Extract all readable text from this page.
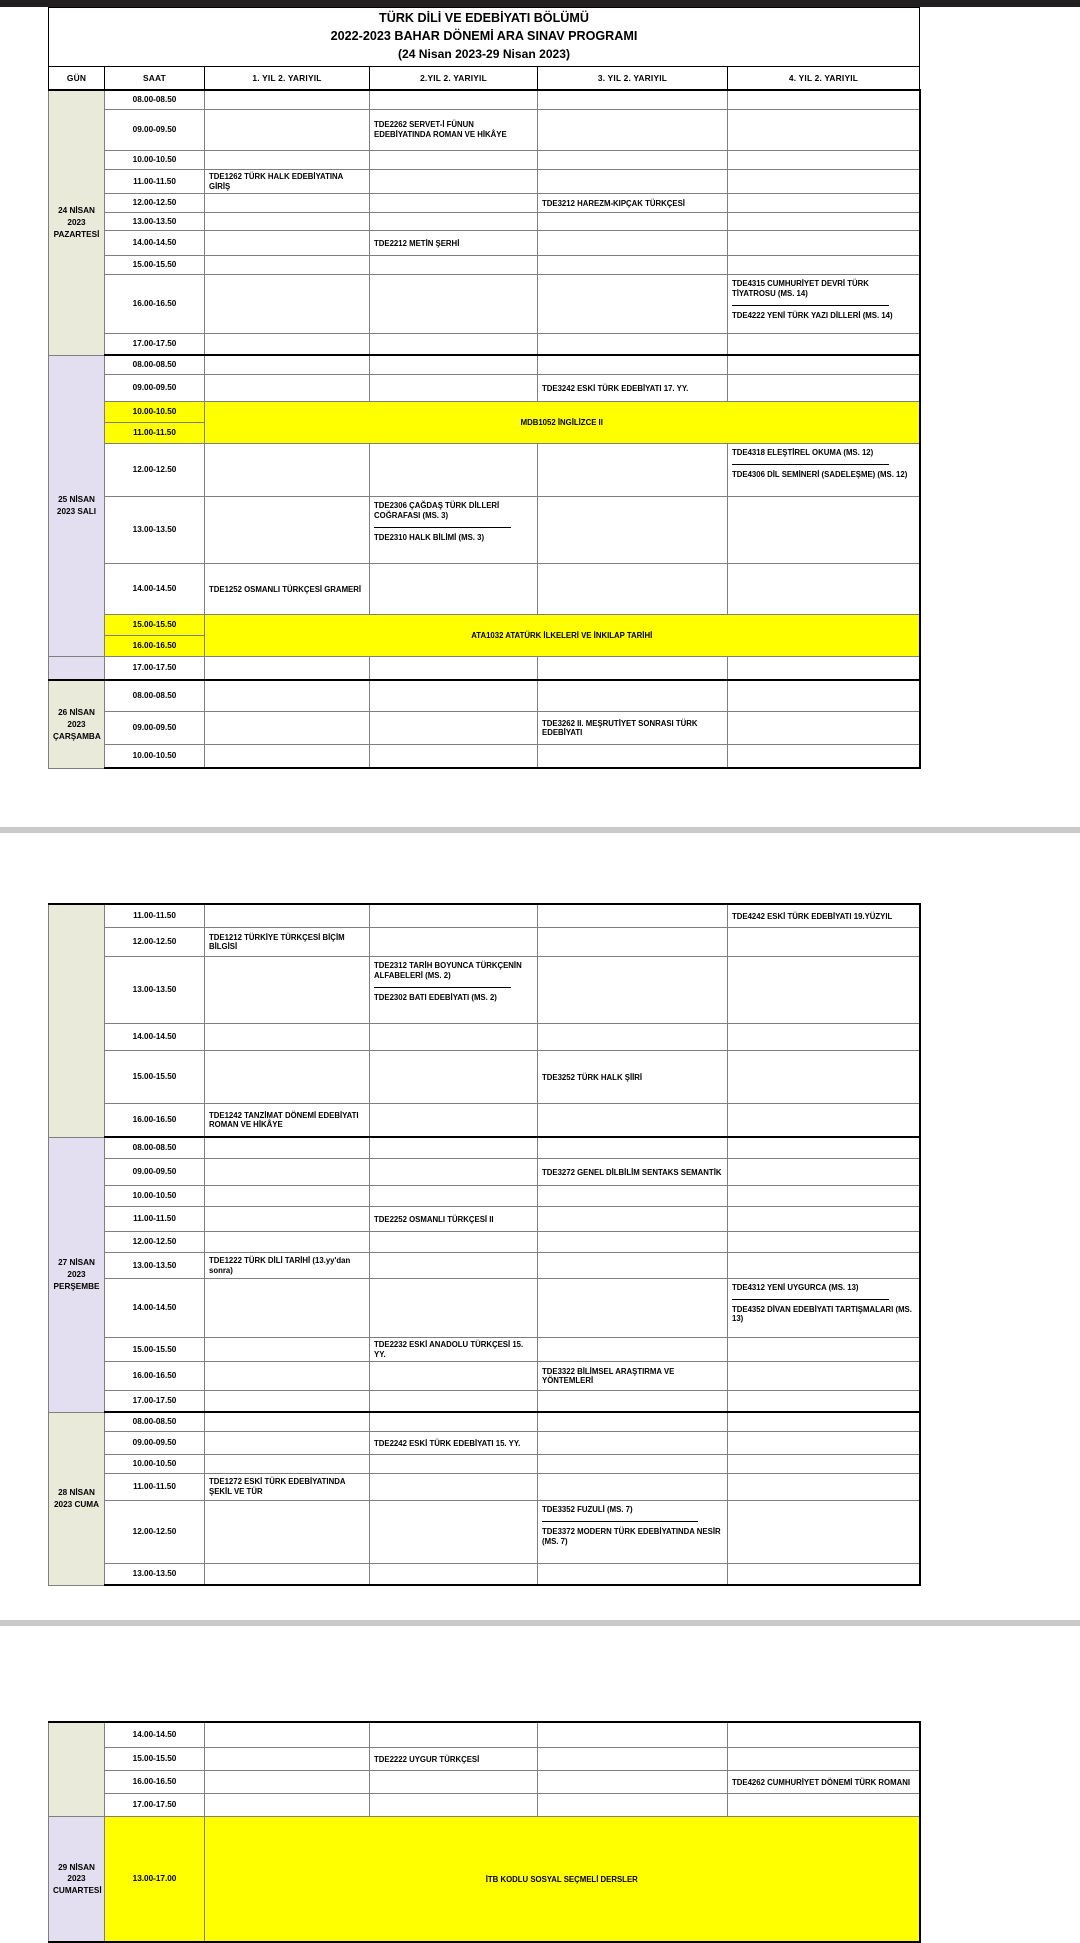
TÜRK DİLİ VE EDEBİYATI BÖLÜMÜ
2022-2023 BAHAR DÖNEMİ ARA SINAV PROGRAMI
(24 Nisan 2023-29 Nisan 2023)					
GÜN	SAAT	1. YIL 2. YARIYIL	2.YIL 2. YARIYIL	3. YIL 2. YARIYIL	4. YIL 2. YARIYIL
24 NİSAN 2023 PAZARTESİ	08.00-08.50				
	09.00-09.50		TDE2262 SERVET-İ FÜNUN EDEBİYATINDA ROMAN VE HİKÂYE		
	10.00-10.50				
	11.00-11.50	TDE1262 TÜRK HALK EDEBİYATINA GİRİŞ			
	12.00-12.50			TDE3212 HAREZM-KIPÇAK TÜRKÇESİ	
	13.00-13.50				
	14.00-14.50		TDE2212 METİN ŞERHİ		
	15.00-15.50				
	16.00-16.50				TDE4315 CUMHURİYET DEVRİ TÜRK TİYATROSU (MS. 14)
TDE4222 YENİ TÜRK YAZI DİLLERİ (MS. 14)

	17.00-17.50				
25 NİSAN 2023 SALI	08.00-08.50				
	09.00-09.50			TDE3242 ESKİ TÜRK EDEBİYATI 17. YY.	
	10.00-10.50	MDB1052 İNGİLİZCE II			
	11.00-11.50				
	12.00-12.50				TDE4318 ELEŞTİREL OKUMA (MS. 12)
TDE4306 DİL SEMİNERİ (SADELEŞME) (MS. 12)

	13.00-13.50		TDE2306 ÇAĞDAŞ TÜRK DİLLERİ COĞRAFASI (MS. 3)
TDE2310 HALK BİLİMİ (MS. 3)		

	14.00-14.50	TDE1252 OSMANLI TÜRKÇESİ GRAMERİ			
	15.00-15.50	ATA1032 ATATÜRK İLKELERİ VE İNKILAP TARİHİ			
	16.00-16.50				
	17.00-17.50				
26 NİSAN 2023 ÇARŞAMBA	08.00-08.50				
	09.00-09.50			TDE3262 II. MEŞRUTİYET SONRASI TÜRK EDEBİYATI	
	10.00-10.50				
	11.00-11.50				TDE4242 ESKİ TÜRK EDEBİYATI 19.YÜZYIL
	12.00-12.50	TDE1212 TÜRKİYE TÜRKÇESİ BİÇİM BİLGİSİ			
	13.00-13.50		TDE2312 TARİH BOYUNCA TÜRKÇENİN ALFABELERİ (MS. 2)
TDE2302 BATI EDEBİYATI (MS. 2)		

	14.00-14.50				
	15.00-15.50			TDE3252 TÜRK HALK ŞİİRİ	
	16.00-16.50	TDE1242 TANZİMAT DÖNEMİ EDEBİYATI ROMAN VE HİKÂYE			
27 NİSAN 2023 PERŞEMBE	08.00-08.50				
	09.00-09.50			TDE3272 GENEL DİLBİLİM SENTAKS SEMANTİK	
	10.00-10.50				
	11.00-11.50		TDE2252 OSMANLI TÜRKÇESİ II		
	12.00-12.50				
	13.00-13.50	TDE1222 TÜRK DİLİ TARİHİ (13.yy'dan sonra)			
	14.00-14.50				TDE4312 YENİ UYGURCA (MS. 13)
TDE4352 DİVAN EDEBİYATI TARTIŞMALARI (MS. 13)

	15.00-15.50		TDE2232 ESKİ ANADOLU TÜRKÇESİ 15. YY.		
	16.00-16.50			TDE3322 BİLİMSEL ARAŞTIRMA VE YÖNTEMLERİ	
	17.00-17.50				
28 NİSAN 2023 CUMA	08.00-08.50				
	09.00-09.50		TDE2242 ESKİ TÜRK EDEBİYATI 15. YY.		
	10.00-10.50				
	11.00-11.50	TDE1272 ESKİ TÜRK EDEBİYATINDA ŞEKİL VE TÜR			
	12.00-12.50			TDE3352 FUZULİ (MS. 7)
TDE3372 MODERN TÜRK EDEBİYATINDA NESİR (MS. 7)	

	13.00-13.50				
	14.00-14.50				
	15.00-15.50		TDE2222 UYGUR TÜRKÇESİ		
	16.00-16.50				TDE4262 CUMHURİYET DÖNEMİ TÜRK ROMANI
	17.00-17.50				
29 NİSAN 2023 CUMARTESİ	13.00-17.00	İTB KODLU SOSYAL SEÇMELİ DERSLER			
